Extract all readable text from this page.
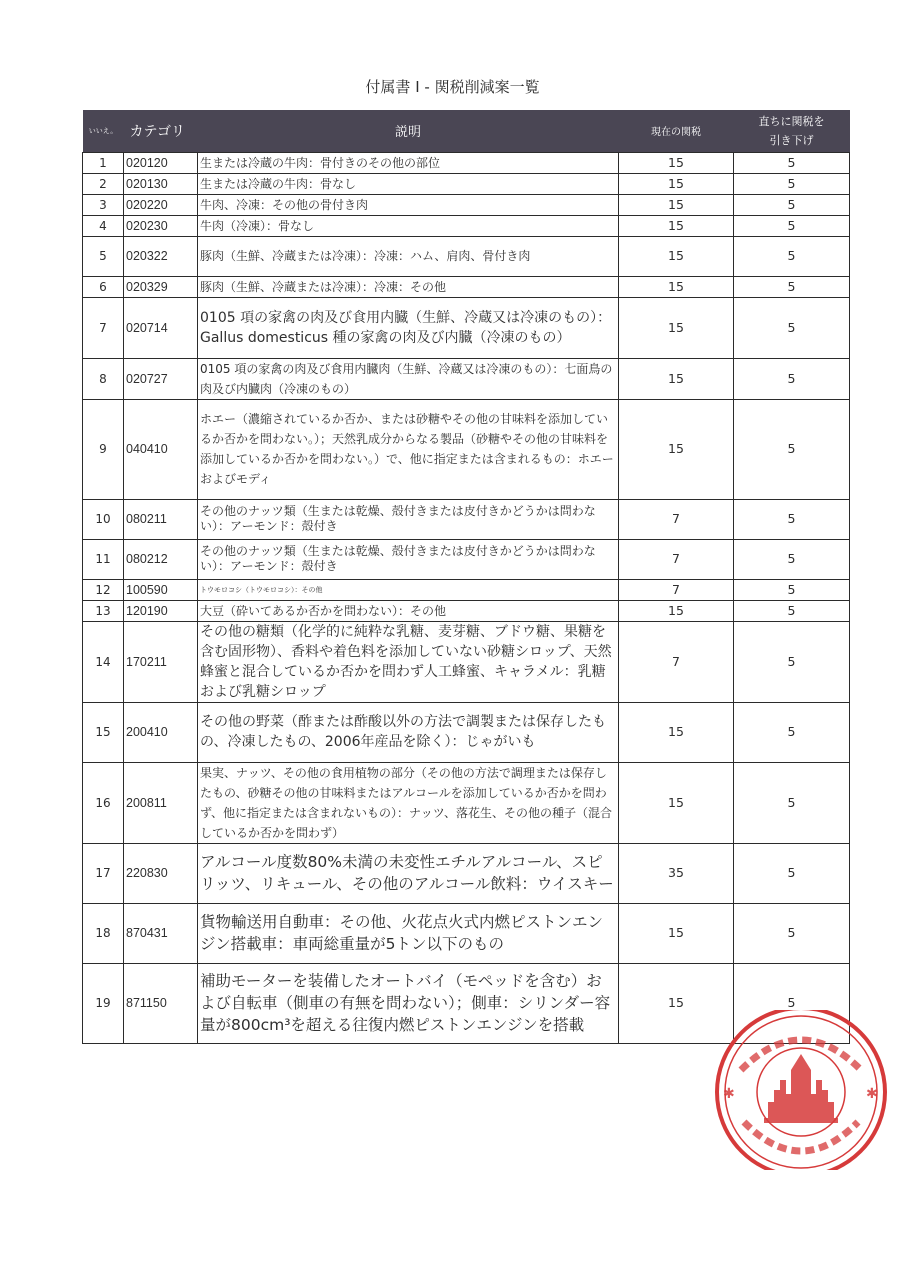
付属書 I - 関税削減案一覧
いいえ。	カテゴリ	説明	現在の関税	直ちに関税を
引き下げ

1	020120	生または冷蔵の牛肉：骨付きのその他の部位	15	5
2	020130	生または冷蔵の牛肉：骨なし	15	5
3	020220	牛肉、冷凍：その他の骨付き肉	15	5
4	020230	牛肉（冷凍）：骨なし	15	5
5	020322	豚肉（生鮮、冷蔵または冷凍）：冷凍：ハム、肩肉、骨付き肉	15	5
6	020329	豚肉（生鮮、冷蔵または冷凍）：冷凍：その他	15	5
7	020714	0105 項の家禽の肉及び食用内臓（生鮮、冷蔵又は冷凍のもの）：Gallus domesticus 種の家禽の肉及び内臓（冷凍のもの）	15	5
8	020727	0105 項の家禽の肉及び食用内臓肉（生鮮、冷蔵又は冷凍のもの）：七面鳥の肉及び内臓肉（冷凍のもの）	15	5
9	040410	ホエー（濃縮されているか否か、または砂糖やその他の甘味料を添加しているか否かを問わない。）；天然乳成分からなる製品（砂糖やその他の甘味料を添加しているか否かを問わない。）で、他に指定または含まれるもの：ホエーおよびモディ	15	5
10	080211	その他のナッツ類（生または乾燥、殻付きまたは皮付きかどうかは問わない）：アーモンド：殻付き	7	5
11	080212	その他のナッツ類（生または乾燥、殻付きまたは皮付きかどうかは問わない）：アーモンド：殻付き	7	5
12	100590	トウモロコシ（トウモロコシ）：その他	7	5
13	120190	大豆（砕いてあるか否かを問わない）：その他	15	5
14	170211	その他の糖類（化学的に純粋な乳糖、麦芽糖、ブドウ糖、果糖を含む固形物）、香料や着色料を添加していない砂糖シロップ、天然蜂蜜と混合しているか否かを問わず人工蜂蜜、キャラメル：乳糖および乳糖シロップ	7	5
15	200410	その他の野菜（酢または酢酸以外の方法で調製または保存したもの、冷凍したもの、2006年産品を除く）：じゃがいも	15	5
16	200811	果実、ナッツ、その他の食用植物の部分（その他の方法で調理または保存したもの、砂糖その他の甘味料またはアルコールを添加しているか否かを問わず、他に指定または含まれないもの）：ナッツ、落花生、その他の種子（混合しているか否かを問わず）	15	5
17	220830	アルコール度数80%未満の未変性エチルアルコール、スピリッツ、リキュール、その他のアルコール飲料：ウイスキー	35	5
18	870431	貨物輸送用自動車：その他、火花点火式内燃ピストンエンジン搭載車：車両総重量が5トン以下のもの	15	5
19	871150	補助モーターを装備したオートバイ（モペッドを含む）および自転車（側車の有無を問わない）；側車：シリンダー容量が800cm³を超える往復内燃ピストンエンジンを搭載	15	5
✱	✱
